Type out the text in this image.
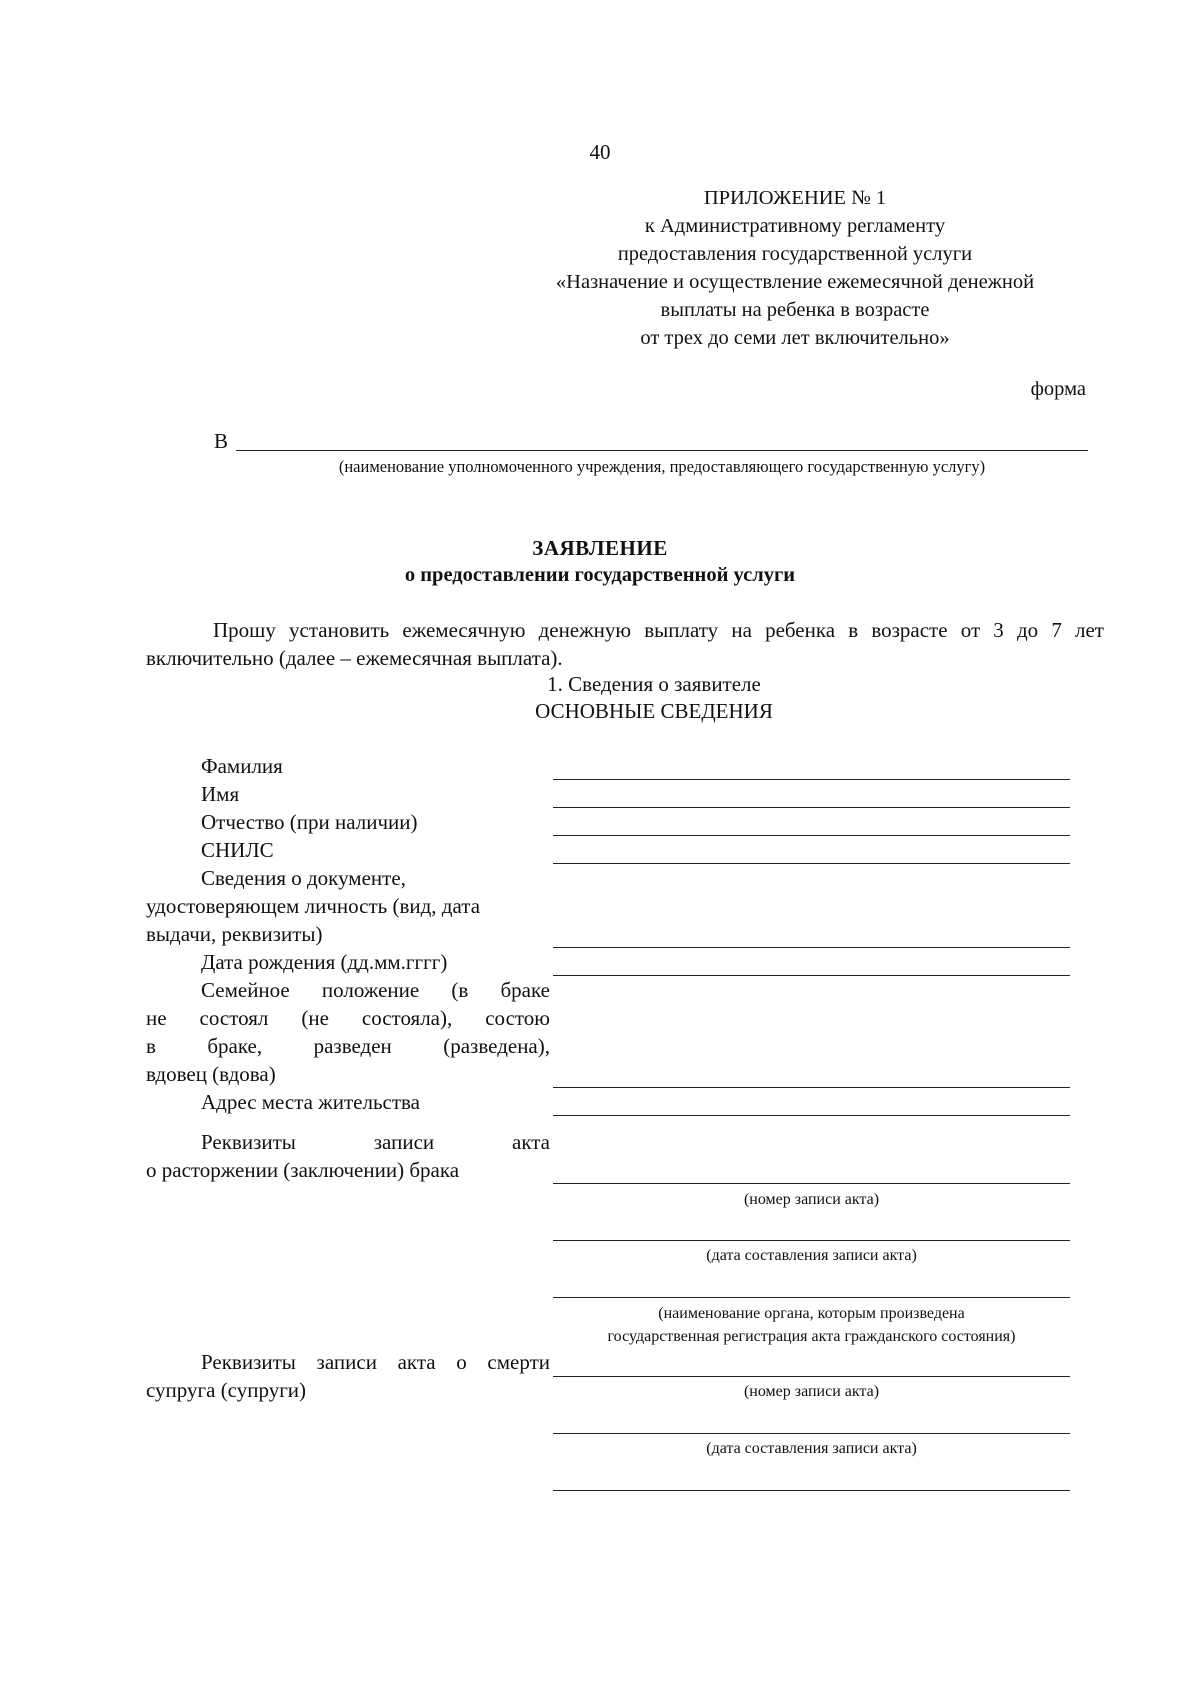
40
ПРИЛОЖЕНИЕ № 1
к Административному регламенту
предоставления государственной услуги
«Назначение и осуществление ежемесячной денежной
выплаты на ребенка в возрасте
от трех до семи лет включительно»
форма
В
(наименование уполномоченного учреждения, предоставляющего государственную услугу)
ЗАЯВЛЕНИЕ
о предоставлении государственной услуги
Прошу установить ежемесячную денежную выплату на ребенка в возрасте от 3 до 7 лет
включительно (далее – ежемесячная выплата).
1. Сведения о заявителе
ОСНОВНЫЕ СВЕДЕНИЯ
Фамилия
Имя
Отчество (при наличии)
СНИЛС
Сведения о документе,
удостоверяющем личность (вид, дата
выдачи, реквизиты)
Дата рождения (дд.мм.гггг)
Семейное положение (в браке
не состоял (не состояла), состою
в браке, разведен (разведена),
вдовец (вдова)
Адрес места жительства
Реквизиты записи акта
о расторжении (заключении) брака
Реквизиты записи акта о смерти
супруга (супруги)
(номер записи акта)
(дата составления записи акта)
(наименование органа, которым произведена
государственная регистрация акта гражданского состояния)
(номер записи акта)
(дата составления записи акта)
